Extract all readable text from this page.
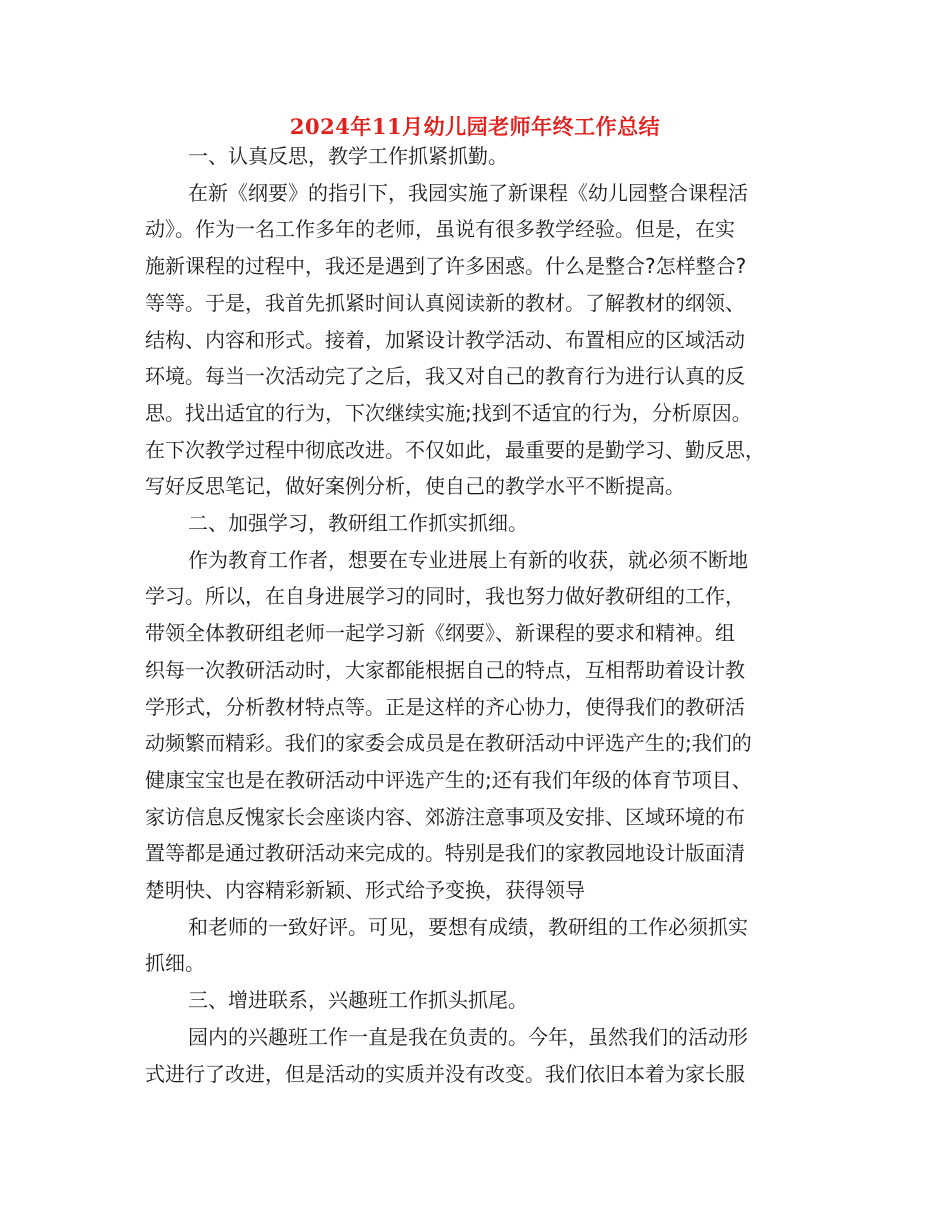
2024年11月幼儿园老师年终工作总结
一、认真反思，教学工作抓紧抓勤。
在新《纲要》的指引下，我园实施了新课程《幼儿园整合课程活
动》。作为一名工作多年的老师，虽说有很多教学经验。但是，在实
施新课程的过程中，我还是遇到了许多困惑。什么是整合?怎样整合?
等等。于是，我首先抓紧时间认真阅读新的教材。了解教材的纲领、
结构、内容和形式。接着，加紧设计教学活动、布置相应的区域活动
环境。每当一次活动完了之后，我又对自己的教育行为进行认真的反
思。找出适宜的行为，下次继续实施;找到不适宜的行为，分析原因。
在下次教学过程中彻底改进。不仅如此，最重要的是勤学习、勤反思，
写好反思笔记，做好案例分析，使自己的教学水平不断提高。
二、加强学习，教研组工作抓实抓细。
作为教育工作者，想要在专业进展上有新的收获，就必须不断地
学习。所以，在自身进展学习的同时，我也努力做好教研组的工作，
带领全体教研组老师一起学习新《纲要》、新课程的要求和精神。组
织每一次教研活动时，大家都能根据自己的特点，互相帮助着设计教
学形式，分析教材特点等。正是这样的齐心协力，使得我们的教研活
动频繁而精彩。我们的家委会成员是在教研活动中评选产生的;我们的
健康宝宝也是在教研活动中评选产生的;还有我们年级的体育节项目、
家访信息反愧家长会座谈内容、郊游注意事项及安排、区域环境的布
置等都是通过教研活动来完成的。特别是我们的家教园地设计版面清
楚明快、内容精彩新颖、形式给予变换，获得领导
和老师的一致好评。可见，要想有成绩，教研组的工作必须抓实
抓细。
三、增进联系，兴趣班工作抓头抓尾。
园内的兴趣班工作一直是我在负责的。今年，虽然我们的活动形
式进行了改进，但是活动的实质并没有改变。我们依旧本着为家长服
